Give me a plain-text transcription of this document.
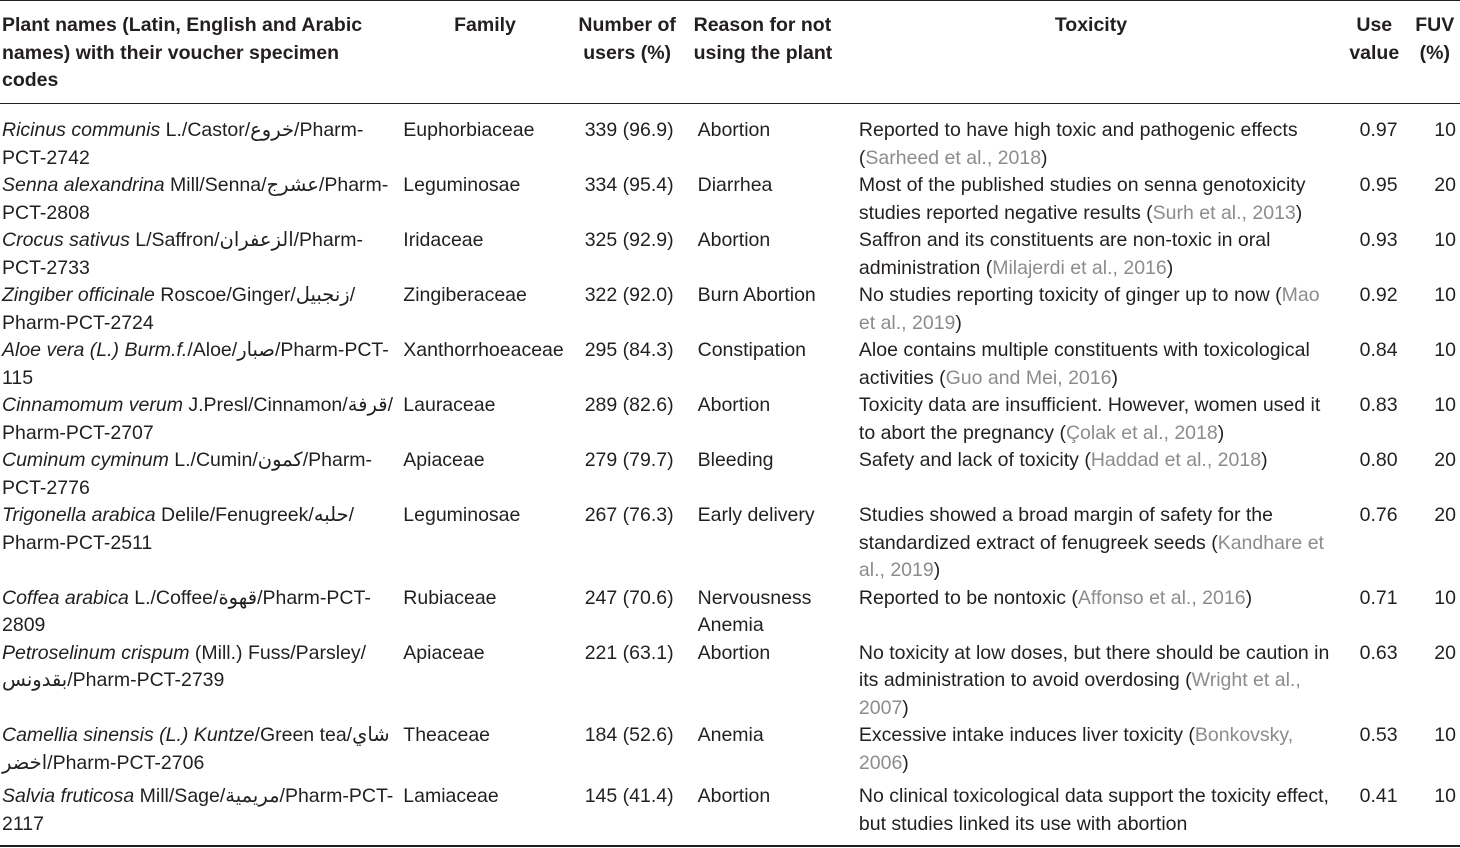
Plant names (Latin, English and Arabic names) with their voucher specimen codes	Family	Number of users (%)	Reason for not using the plant	Toxicity	Use value	FUV (%)
Ricinus communis L./Castor/خروع/Pharm-PCT-2742	Euphorbiaceae	339 (96.9)	Abortion	Reported to have high toxic and pathogenic effects (Sarheed et al., 2018)	0.97	10
Senna alexandrina Mill/Senna/عشرج/Pharm-PCT-2808	Leguminosae	334 (95.4)	Diarrhea	Most of the published studies on senna genotoxicity studies reported negative results (Surh et al., 2013)	0.95	20
Crocus sativus L/Saffron/الزعفران/Pharm-PCT-2733	Iridaceae	325 (92.9)	Abortion	Saffron and its constituents are non-toxic in oral administration (Milajerdi et al., 2016)	0.93	10
Zingiber officinale Roscoe/Ginger/زنجبيل/ Pharm-PCT-2724	Zingiberaceae	322 (92.0)	Burn Abortion	No studies reporting toxicity of ginger up to now (Mao et al., 2019)	0.92	10
Aloe vera (L.) Burm.f./Aloe/صبار/Pharm-PCT-115	Xanthorrhoeaceae	295 (84.3)	Constipation	Aloe contains multiple constituents with toxicological activities (Guo and Mei, 2016)	0.84	10
Cinnamomum verum J.Presl/Cinnamon/قرفة/ Pharm-PCT-2707	Lauraceae	289 (82.6)	Abortion	Toxicity data are insufficient. However, women used it to abort the pregnancy (Çolak et al., 2018)	0.83	10
Cuminum cyminum L./Cumin/كمون/Pharm-PCT-2776	Apiaceae	279 (79.7)	Bleeding	Safety and lack of toxicity (Haddad et al., 2018)	0.80	20
Trigonella arabica Delile/Fenugreek/حلبه/ Pharm-PCT-2511	Leguminosae	267 (76.3)	Early delivery	Studies showed a broad margin of safety for the standardized extract of fenugreek seeds (Kandhare et al., 2019)	0.76	20
Coffea arabica L./Coffee/قهوة/Pharm-PCT-2809	Rubiaceae	247 (70.6)	Nervousness Anemia	Reported to be nontoxic (Affonso et al., 2016)	0.71	10
Petroselinum crispum (Mill.) Fuss/Parsley/ بقدونس/Pharm-PCT-2739	Apiaceae	221 (63.1)	Abortion	No toxicity at low doses, but there should be caution in its administration to avoid overdosing (Wright et al., 2007)	0.63	20
Camellia sinensis (L.) Kuntze/Green tea/شاي اخضر/Pharm-PCT-2706	Theaceae	184 (52.6)	Anemia	Excessive intake induces liver toxicity (Bonkovsky, 2006)	0.53	10
Salvia fruticosa Mill/Sage/مريمية/Pharm-PCT-2117	Lamiaceae	145 (41.4)	Abortion	No clinical toxicological data support the toxicity effect, but studies linked its use with abortion	0.41	10
